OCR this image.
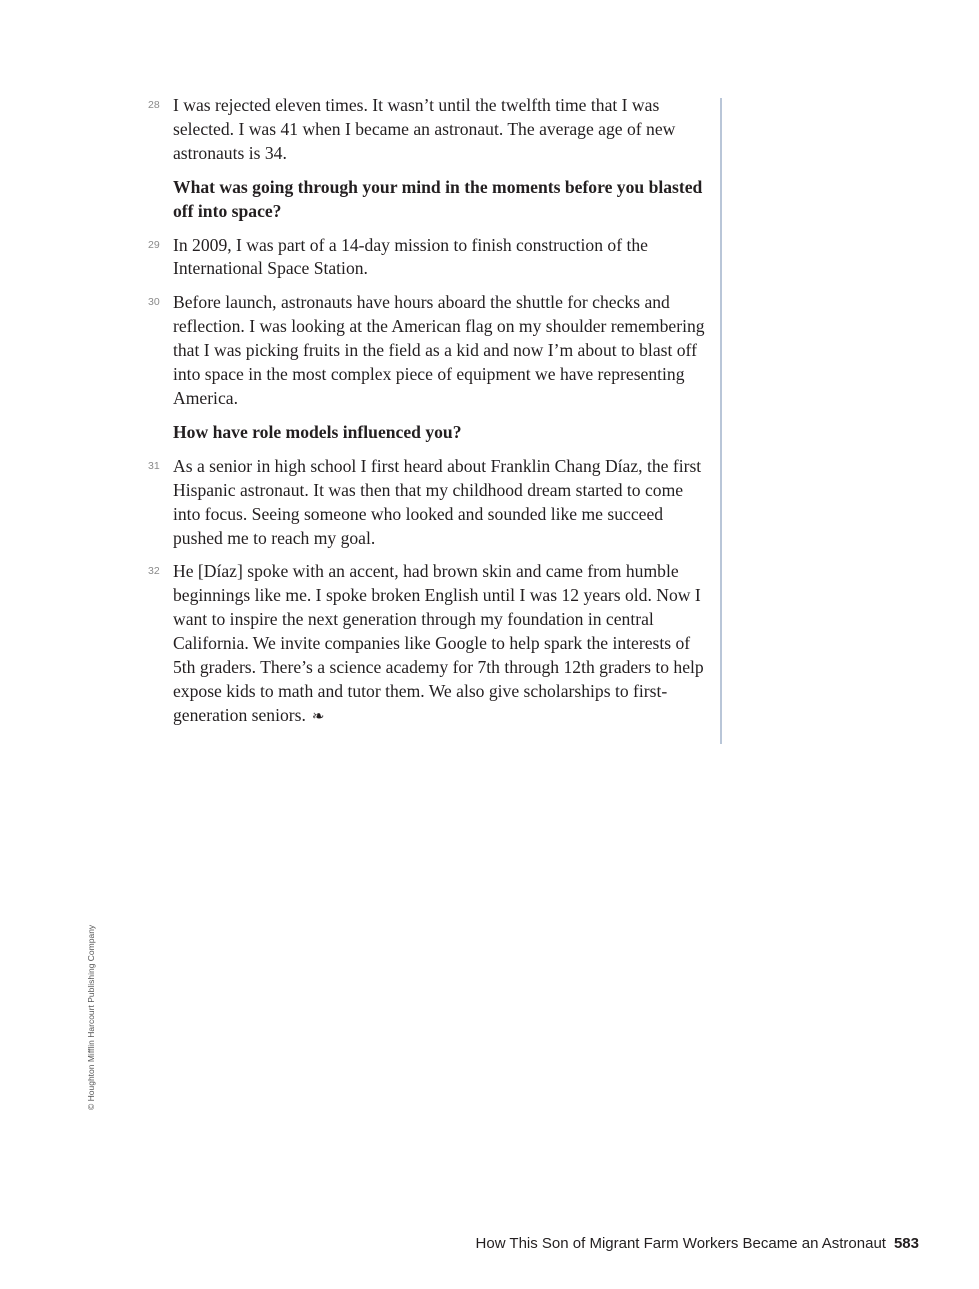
28 I was rejected eleven times. It wasn’t until the twelfth time that I was selected. I was 41 when I became an astronaut. The average age of new astronauts is 34.

What was going through your mind in the moments before you blasted off into space?

29 In 2009, I was part of a 14-day mission to finish construction of the International Space Station.

30 Before launch, astronauts have hours aboard the shuttle for checks and reflection. I was looking at the American flag on my shoulder remembering that I was picking fruits in the field as a kid and now I’m about to blast off into space in the most complex piece of equipment we have representing America.

How have role models influenced you?

31 As a senior in high school I first heard about Franklin Chang Díaz, the first Hispanic astronaut. It was then that my childhood dream started to come into focus. Seeing someone who looked and sounded like me succeed pushed me to reach my goal.

32 He [Díaz] spoke with an accent, had brown skin and came from humble beginnings like me. I spoke broken English until I was 12 years old. Now I want to inspire the next generation through my foundation in central California. We invite companies like Google to help spark the interests of 5th graders. There’s a science academy for 7th through 12th graders to help expose kids to math and tutor them. We also give scholarships to first-generation seniors. ❧

© Houghton Mifflin Harcourt Publishing Company
How This Son of Migrant Farm Workers Became an Astronaut 583
